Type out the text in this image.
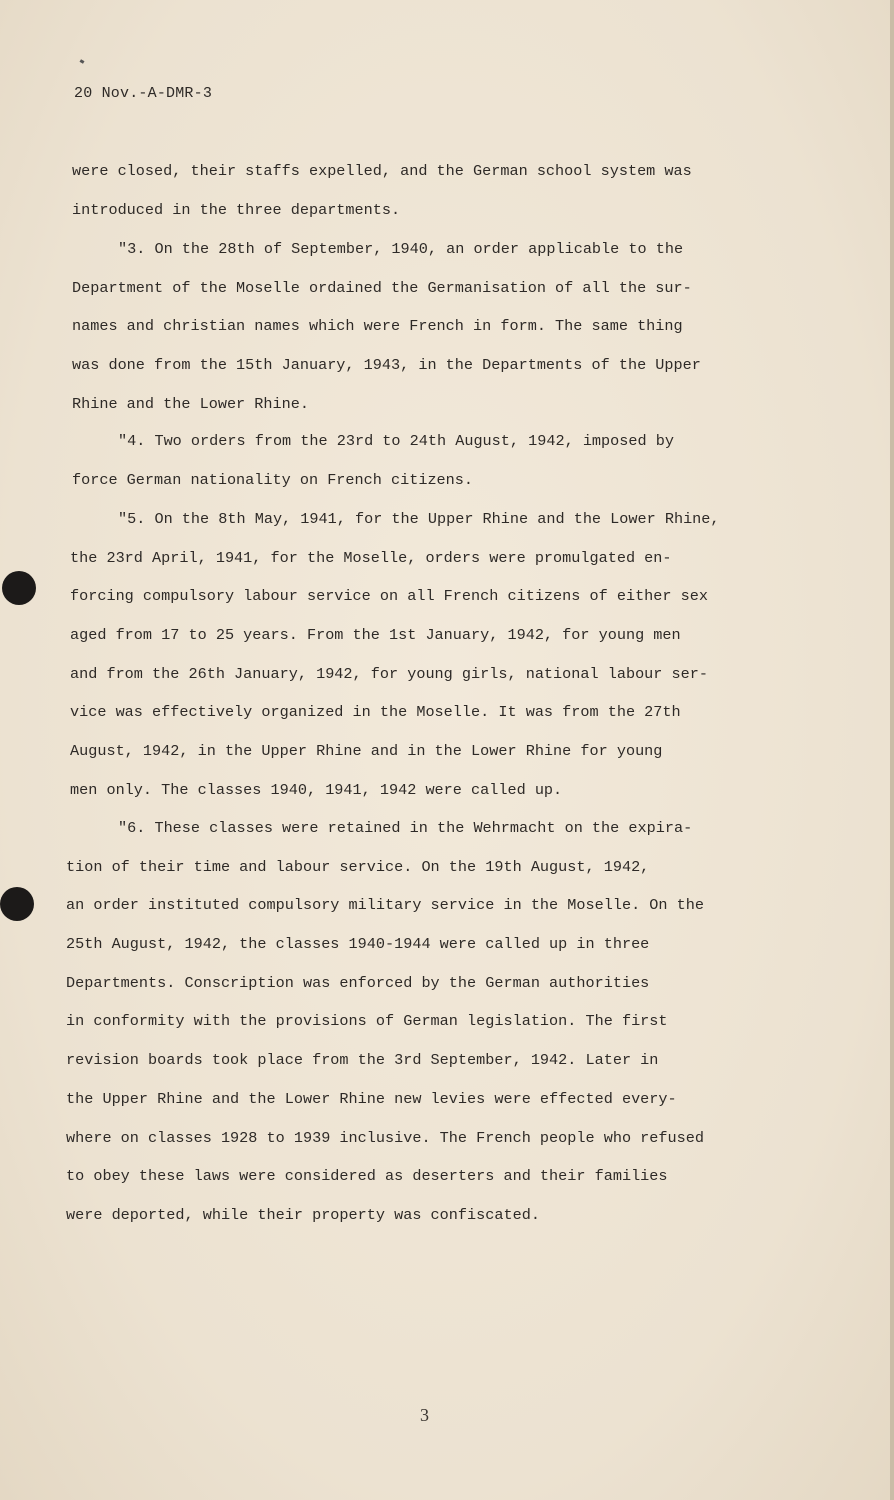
20 Nov.-A-DMR-3
were closed, their staffs expelled, and the German school system was
introduced in the three departments.
"3. On the 28th of September, 1940, an order applicable to the
Department of the Moselle ordained the Germanisation of all the sur-
names and christian names which were French in form. The same thing
was done from the 15th January, 1943, in the Departments of the Upper
Rhine and the Lower Rhine.
"4. Two orders from the 23rd to 24th August, 1942, imposed by
force German nationality on French citizens.
"5. On the 8th May, 1941, for the Upper Rhine and the Lower Rhine,
the 23rd April, 1941, for the Moselle, orders were promulgated en-
forcing compulsory labour service on all French citizens of either sex
aged from 17 to 25 years. From the 1st January, 1942, for young men
and from the 26th January, 1942, for young girls, national labour ser-
vice was effectively organized in the Moselle. It was from the 27th
August, 1942, in the Upper Rhine and in the Lower Rhine for young
men only. The classes 1940, 1941, 1942 were called up.
"6. These classes were retained in the Wehrmacht on the expira-
tion of their time and labour service. On the 19th August, 1942,
an order instituted compulsory military service in the Moselle. On the
25th August, 1942, the classes 1940-1944 were called up in three
Departments. Conscription was enforced by the German authorities
in conformity with the provisions of German legislation. The first
revision boards took place from the 3rd September, 1942. Later in
the Upper Rhine and the Lower Rhine new levies were effected every-
where on classes 1928 to 1939 inclusive. The French people who refused
to obey these laws were considered as deserters and their families
were deported, while their property was confiscated.
3
